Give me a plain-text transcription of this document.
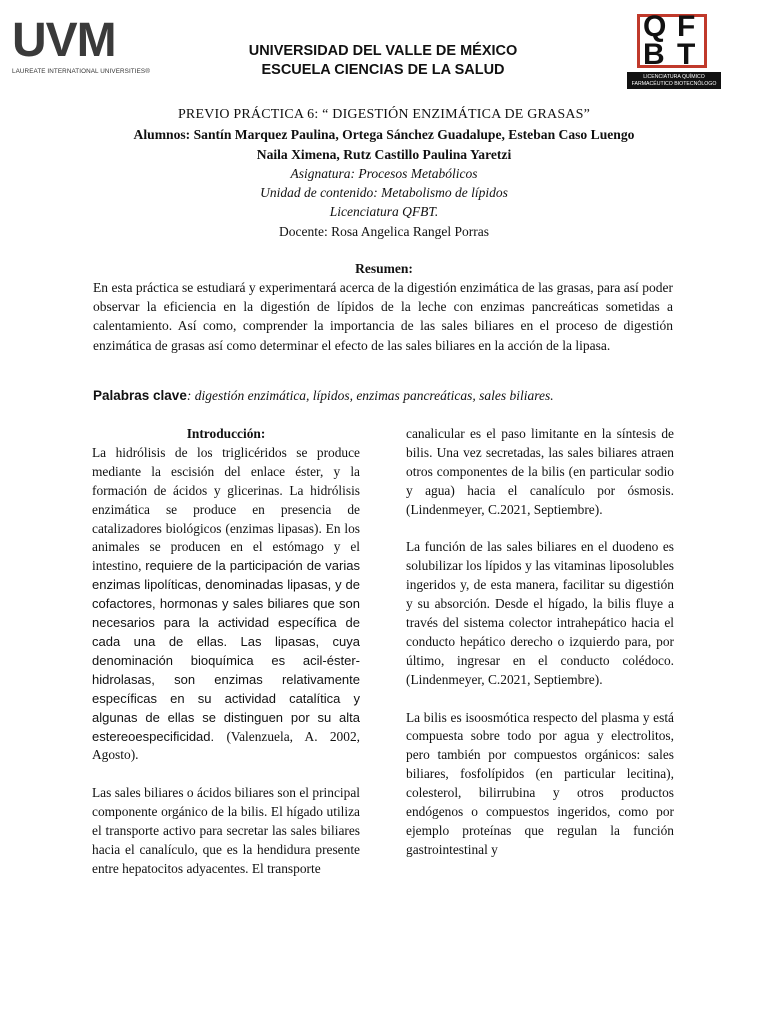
UVM
LAUREATE INTERNATIONAL UNIVERSITIES®
UNIVERSIDAD DEL VALLE DE MÉXICO
ESCUELA CIENCIAS DE LA SALUD
Q F
B T
LICENCIATURA QUÍMICO FARMACÉUTICO BIOTECNÓLOGO
PREVIO PRÁCTICA 6: “ DIGESTIÓN ENZIMÁTICA DE GRASAS”
Alumnos: Santín Marquez Paulina, Ortega Sánchez Guadalupe, Esteban Caso Luengo
Naila Ximena, Rutz Castillo Paulina Yaretzi
Asignatura: Procesos Metabólicos
Unidad de contenido: Metabolismo de lípidos
Licenciatura QFBT.
Docente: Rosa Angelica Rangel Porras
Resumen:
En esta práctica se estudiará y experimentará acerca de la digestión enzimática de las grasas, para así poder observar la eficiencia en la digestión de lípidos de la leche con enzimas pancreáticas sometidas a calentamiento. Así como, comprender la importancia de las sales biliares en el proceso de digestión enzimática de grasas así como determinar el efecto de las sales biliares en la acción de la lipasa.
Palabras clave: digestión enzimática, lípidos, enzimas pancreáticas, sales biliares.
Introducción:

La hidrólisis de los triglicéridos se produce mediante la escisión del enlace éster, y la formación de ácidos y glicerinas. La hidrólisis enzimática se produce en presencia de catalizadores biológicos (enzimas lipasas). En los animales se producen en el estómago y el intestino, requiere de la participación de varias enzimas lipolíticas, denominadas lipasas, y de cofactores, hormonas y sales biliares que son necesarios para la actividad específica de cada una de ellas. Las lipasas, cuya denominación bioquímica es acil-éster-hidrolasas, son enzimas relativamente específicas en su actividad catalítica y algunas de ellas se distinguen por su alta estereoespecificidad. (Valenzuela, A. 2002, Agosto).

Las sales biliares o ácidos biliares son el principal componente orgánico de la bilis. El hígado utiliza el transporte activo para secretar las sales biliares hacia el canalículo, que es la hendidura presente entre hepatocitos adyacentes. El transporte

canalicular es el paso limitante en la síntesis de bilis. Una vez secretadas, las sales biliares atraen otros componentes de la bilis (en particular sodio y agua) hacia el canalículo por ósmosis. (Lindenmeyer, C.2021, Septiembre).

La función de las sales biliares en el duodeno es solubilizar los lípidos y las vitaminas liposolubles ingeridos y, de esta manera, facilitar su digestión y su absorción. Desde el hígado, la bilis fluye a través del sistema colector intrahepático hacia el conducto hepático derecho o izquierdo para, por último, ingresar en el conducto colédoco. (Lindenmeyer, C.2021, Septiembre).

La bilis es isoosmótica respecto del plasma y está compuesta sobre todo por agua y electrolitos, pero también por compuestos orgánicos: sales biliares, fosfolípidos (en particular lecitina), colesterol, bilirrubina y otros productos endógenos o compuestos ingeridos, como por ejemplo proteínas que regulan la función gastrointestinal y
